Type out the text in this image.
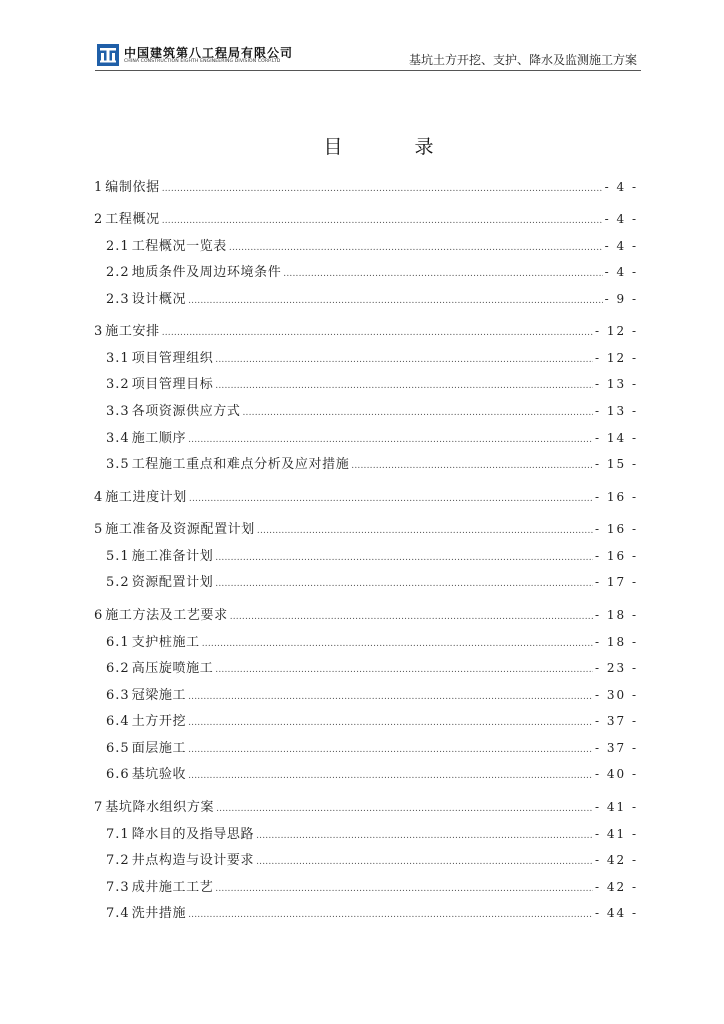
中国建筑第八工程局有限公司
CHINA CONSTRUCTION EIGHTH ENGINEERING DIVISION CORP.LTD	基坑土方开挖、支护、降水及监测施工方案
目 录
1 编制依据 .....	- 4 -
2 工程概况 .....	- 4 -
2.1 工程概况一览表 .....	- 4 -
2.2 地质条件及周边环境条件 .....	- 4 -
2.3 设计概况 .....	- 9 -
3 施工安排 .....	- 12 -
3.1 项目管理组织 .....	- 12 -
3.2 项目管理目标 .....	- 13 -
3.3 各项资源供应方式 .....	- 13 -
3.4 施工顺序 .....	- 14 -
3.5 工程施工重点和难点分析及应对措施 .....	- 15 -
4 施工进度计划 .....	- 16 -
5 施工准备及资源配置计划 .....	- 16 -
5.1 施工准备计划 .....	- 16 -
5.2 资源配置计划 .....	- 17 -
6 施工方法及工艺要求 .....	- 18 -
6.1 支护桩施工 .....	- 18 -
6.2 高压旋喷施工 .....	- 23 -
6.3 冠梁施工 .....	- 30 -
6.4 土方开挖 .....	- 37 -
6.5 面层施工 .....	- 37 -
6.6 基坑验收 .....	- 40 -
7 基坑降水组织方案 .....	- 41 -
7.1 降水目的及指导思路 .....	- 41 -
7.2 井点构造与设计要求 .....	- 42 -
7.3 成井施工工艺 .....	- 42 -
7.4 洗井措施 .....	- 44 -
